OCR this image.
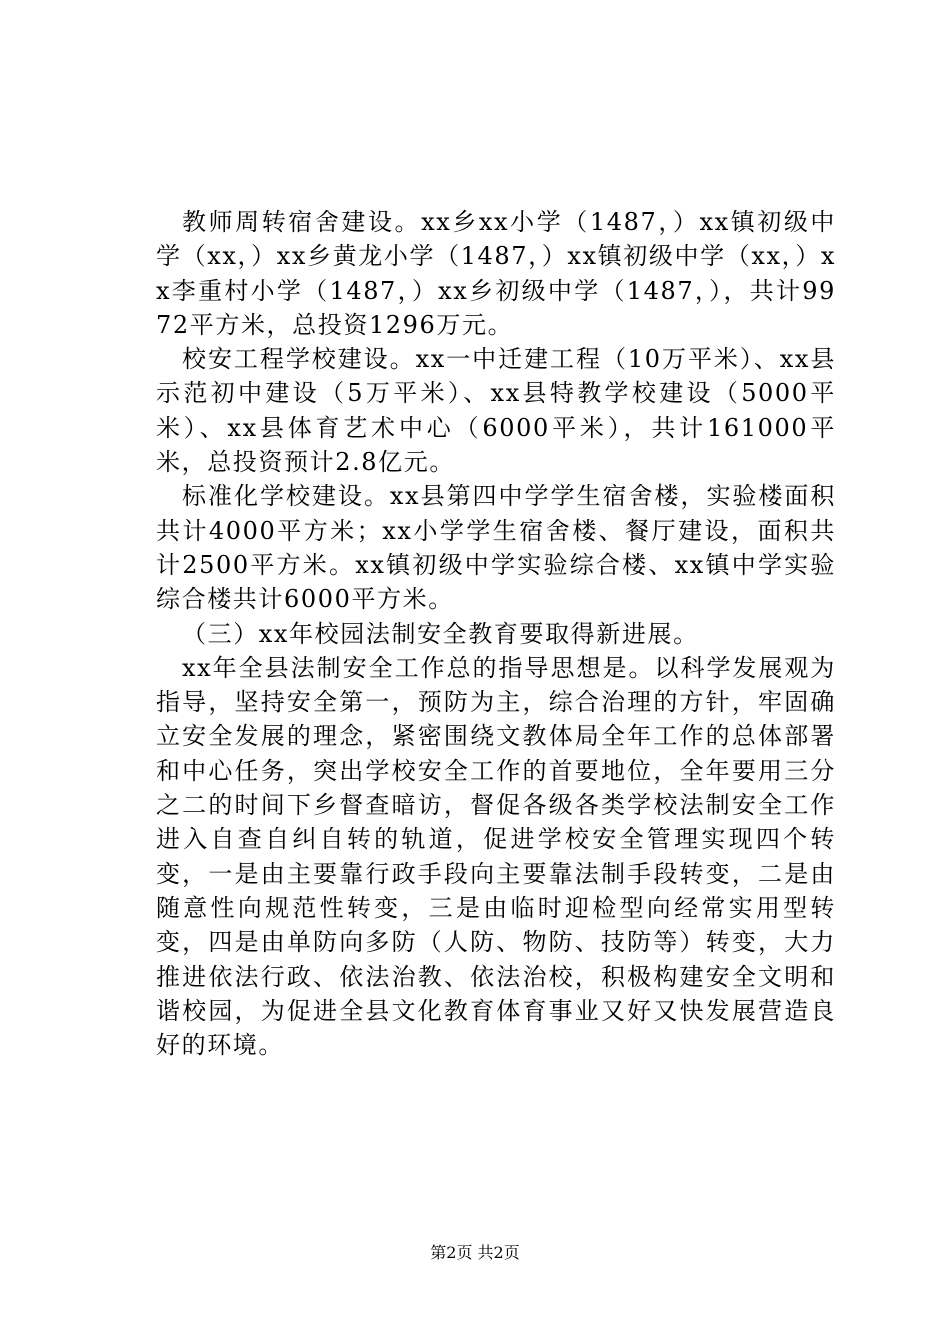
教师周转宿舍建设。xx乡xx小学（1487，）xx镇初级中学（xx，）xx乡黄龙小学（1487，）xx镇初级中学（xx，）xx李重村小学（1487，）xx乡初级中学（1487，），共计9972平方米，总投资1296万元。

校安工程学校建设。xx一中迁建工程（10万平米）、xx县示范初中建设（5万平米）、xx县特教学校建设（5000平米）、xx县体育艺术中心（6000平米），共计161000平米，总投资预计2.8亿元。

标准化学校建设。xx县第四中学学生宿舍楼，实验楼面积共计4000平方米；xx小学学生宿舍楼、餐厅建设，面积共计2500平方米。xx镇初级中学实验综合楼、xx镇中学实验综合楼共计6000平方米。

（三）xx年校园法制安全教育要取得新进展。

xx年全县法制安全工作总的指导思想是。以科学发展观为指导，坚持安全第一，预防为主，综合治理的方针，牢固确立安全发展的理念，紧密围绕文教体局全年工作的总体部署和中心任务，突出学校安全工作的首要地位，全年要用三分之二的时间下乡督查暗访，督促各级各类学校法制安全工作进入自查自纠自转的轨道，促进学校安全管理实现四个转变，一是由主要靠行政手段向主要靠法制手段转变，二是由随意性向规范性转变，三是由临时迎检型向经常实用型转变，四是由单防向多防（人防、物防、技防等）转变，大力推进依法行政、依法治教、依法治校，积极构建安全文明和谐校园，为促进全县文化教育体育事业又好又快发展营造良好的环境。

第2页 共2页
